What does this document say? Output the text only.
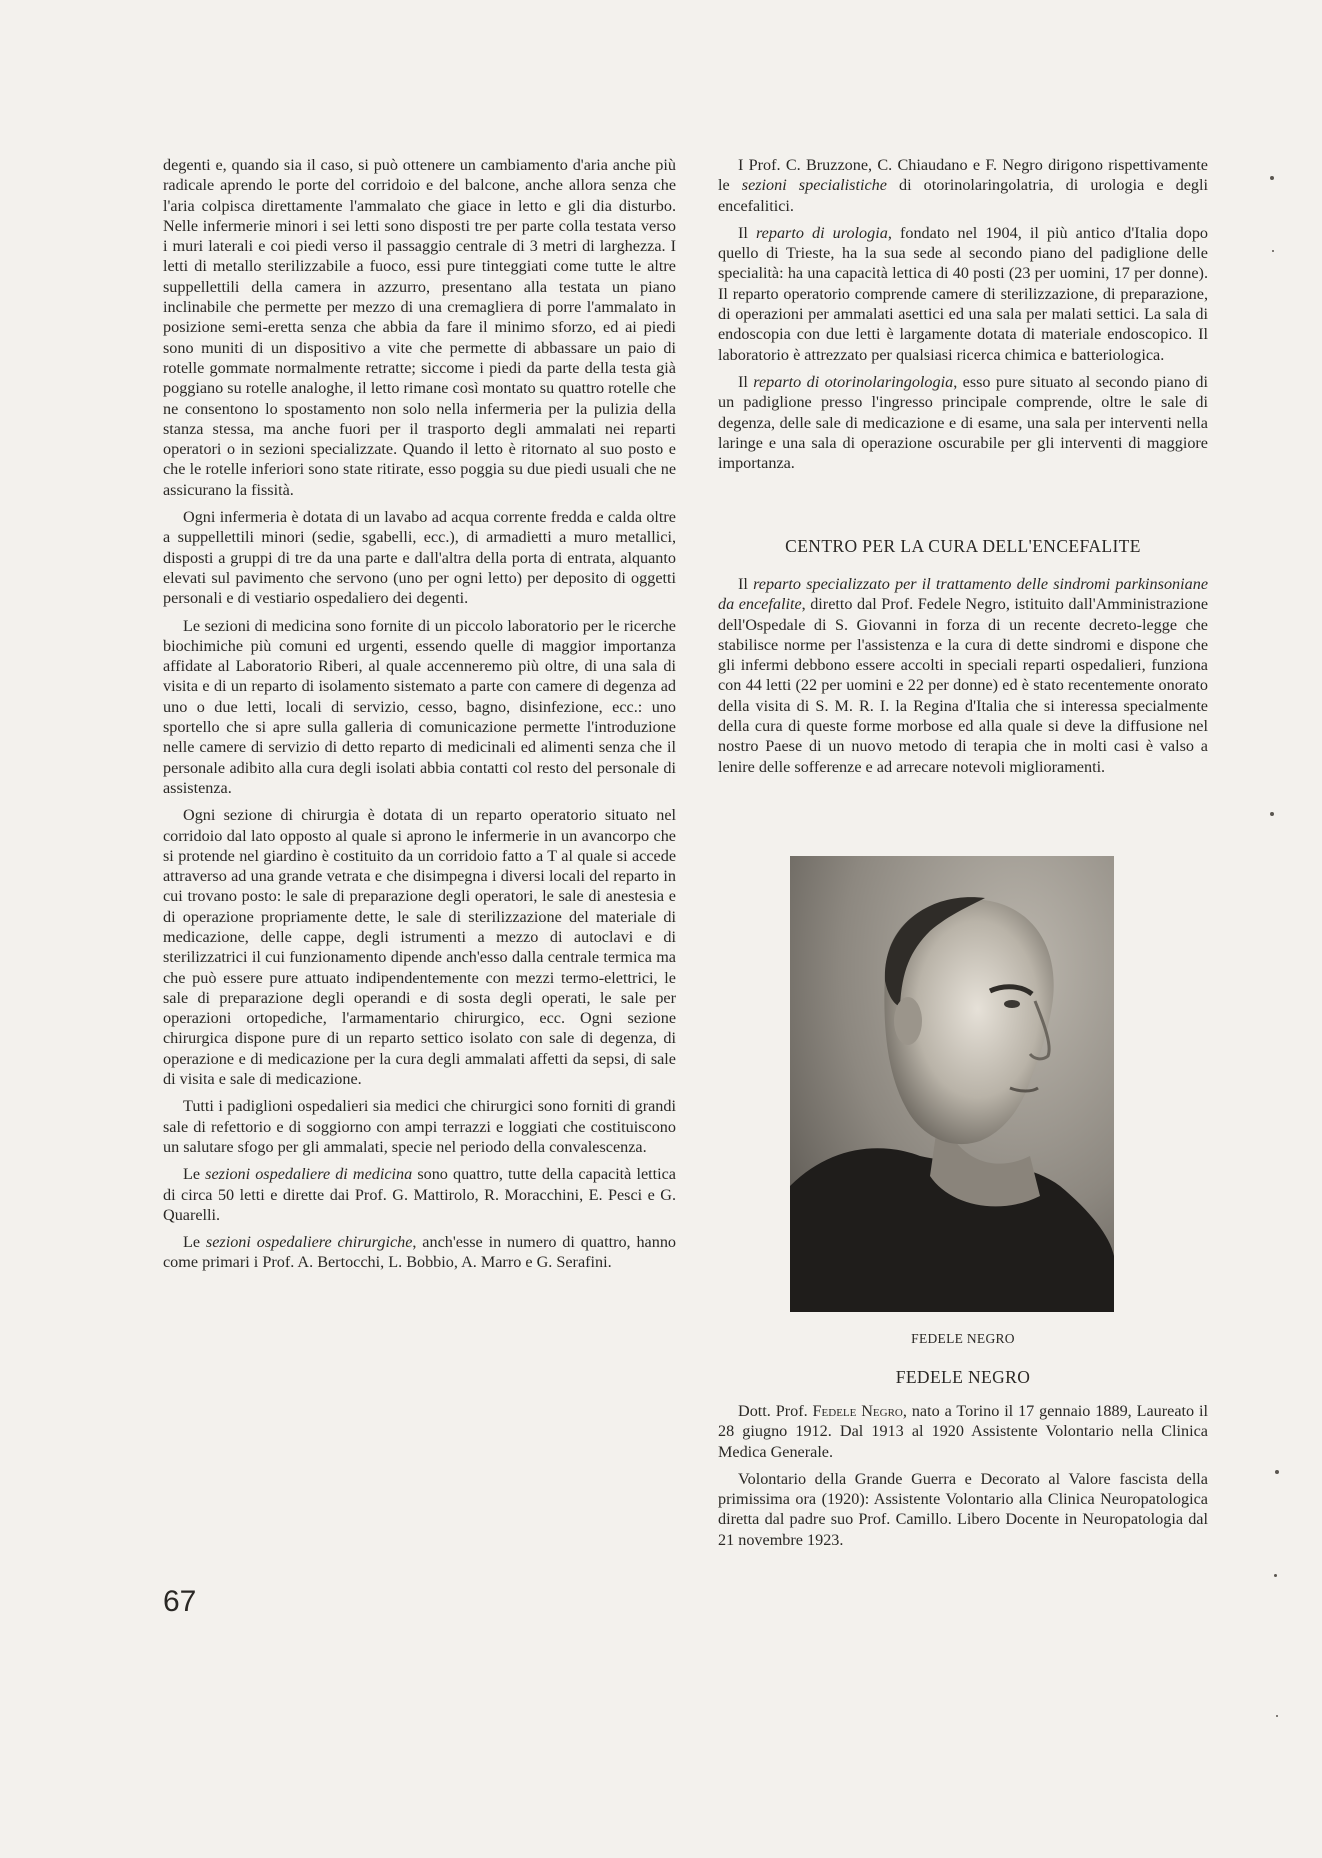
degenti e, quando sia il caso, si può ottenere un cambiamento d'aria anche più radicale aprendo le porte del corridoio e del balcone, anche allora senza che l'aria colpisca direttamente l'ammalato che giace in letto e gli dia disturbo. Nelle infermerie minori i sei letti sono disposti tre per parte colla testata verso i muri laterali e coi piedi verso il passaggio centrale di 3 metri di larghezza. I letti di metallo sterilizzabile a fuoco, essi pure tinteggiati come tutte le altre suppellettili della camera in azzurro, presentano alla testata un piano inclinabile che permette per mezzo di una cremagliera di porre l'ammalato in posizione semi-eretta senza che abbia da fare il minimo sforzo, ed ai piedi sono muniti di un dispositivo a vite che permette di abbassare un paio di rotelle gommate normalmente retratte; siccome i piedi da parte della testa già poggiano su rotelle analoghe, il letto rimane così montato su quattro rotelle che ne consentono lo spostamento non solo nella infermeria per la pulizia della stanza stessa, ma anche fuori per il trasporto degli ammalati nei reparti operatori o in sezioni specializzate. Quando il letto è ritornato al suo posto e che le rotelle inferiori sono state ritirate, esso poggia su due piedi usuali che ne assicurano la fissità.

Ogni infermeria è dotata di un lavabo ad acqua corrente fredda e calda oltre a suppellettili minori (sedie, sgabelli, ecc.), di armadietti a muro metallici, disposti a gruppi di tre da una parte e dall'altra della porta di entrata, alquanto elevati sul pavimento che servono (uno per ogni letto) per deposito di oggetti personali e di vestiario ospedaliero dei degenti.

Le sezioni di medicina sono fornite di un piccolo laboratorio per le ricerche biochimiche più comuni ed urgenti, essendo quelle di maggior importanza affidate al Laboratorio Riberi, al quale accenneremo più oltre, di una sala di visita e di un reparto di isolamento sistemato a parte con camere di degenza ad uno o due letti, locali di servizio, cesso, bagno, disinfezione, ecc.: uno sportello che si apre sulla galleria di comunicazione permette l'introduzione nelle camere di servizio di detto reparto di medicinali ed alimenti senza che il personale adibito alla cura degli isolati abbia contatti col resto del personale di assistenza.

Ogni sezione di chirurgia è dotata di un reparto operatorio situato nel corridoio dal lato opposto al quale si aprono le infermerie in un avancorpo che si protende nel giardino è costituito da un corridoio fatto a T al quale si accede attraverso ad una grande vetrata e che disimpegna i diversi locali del reparto in cui trovano posto: le sale di preparazione degli operatori, le sale di anestesia e di operazione propriamente dette, le sale di sterilizzazione del materiale di medicazione, delle cappe, degli istrumenti a mezzo di autoclavi e di sterilizzatrici il cui funzionamento dipende anch'esso dalla centrale termica ma che può essere pure attuato indipendentemente con mezzi termo-elettrici, le sale di preparazione degli operandi e di sosta degli operati, le sale per operazioni ortopediche, l'armamentario chirurgico, ecc. Ogni sezione chirurgica dispone pure di un reparto settico isolato con sale di degenza, di operazione e di medicazione per la cura degli ammalati affetti da sepsi, di sale di visita e sale di medicazione.

Tutti i padiglioni ospedalieri sia medici che chirurgici sono forniti di grandi sale di refettorio e di soggiorno con ampi terrazzi e loggiati che costituiscono un salutare sfogo per gli ammalati, specie nel periodo della convalescenza.

Le sezioni ospedaliere di medicina sono quattro, tutte della capacità lettica di circa 50 letti e dirette dai Prof. G. Mattirolo, R. Moracchini, E. Pesci e G. Quarelli.

Le sezioni ospedaliere chirurgiche, anch'esse in numero di quattro, hanno come primari i Prof. A. Bertocchi, L. Bobbio, A. Marro e G. Serafini.

I Prof. C. Bruzzone, C. Chiaudano e F. Negro dirigono rispettivamente le sezioni specialistiche di otorinolaringolatria, di urologia e degli encefalitici.

Il reparto di urologia, fondato nel 1904, il più antico d'Italia dopo quello di Trieste, ha la sua sede al secondo piano del padiglione delle specialità: ha una capacità lettica di 40 posti (23 per uomini, 17 per donne). Il reparto operatorio comprende camere di sterilizzazione, di preparazione, di operazioni per ammalati asettici ed una sala per malati settici. La sala di endoscopia con due letti è largamente dotata di materiale endoscopico. Il laboratorio è attrezzato per qualsiasi ricerca chimica e batteriologica.

Il reparto di otorinolaringologia, esso pure situato al secondo piano di un padiglione presso l'ingresso principale comprende, oltre le sale di degenza, delle sale di medicazione e di esame, una sala per interventi nella laringe e una sala di operazione oscurabile per gli interventi di maggiore importanza.

CENTRO PER LA CURA DELL'ENCEFALITE

Il reparto specializzato per il trattamento delle sindromi parkinsoniane da encefalite, diretto dal Prof. Fedele Negro, istituito dall'Amministrazione dell'Ospedale di S. Giovanni in forza di un recente decreto-legge che stabilisce norme per l'assistenza e la cura di dette sindromi e dispone che gli infermi debbono essere accolti in speciali reparti ospedalieri, funziona con 44 letti (22 per uomini e 22 per donne) ed è stato recentemente onorato della visita di S. M. R. I. la Regina d'Italia che si interessa specialmente della cura di queste forme morbose ed alla quale si deve la diffusione nel nostro Paese di un nuovo metodo di terapia che in molti casi è valso a lenire delle sofferenze e ad arrecare notevoli miglioramenti.

FEDELE NEGRO
FEDELE NEGRO

Dott. Prof. Fedele Negro, nato a Torino il 17 gennaio 1889, Laureato il 28 giugno 1912. Dal 1913 al 1920 Assistente Volontario nella Clinica Medica Generale.

Volontario della Grande Guerra e Decorato al Valore fascista della primissima ora (1920): Assistente Volontario alla Clinica Neuropatologica diretta dal padre suo Prof. Camillo. Libero Docente in Neuropatologia dal 21 novembre 1923.

67
